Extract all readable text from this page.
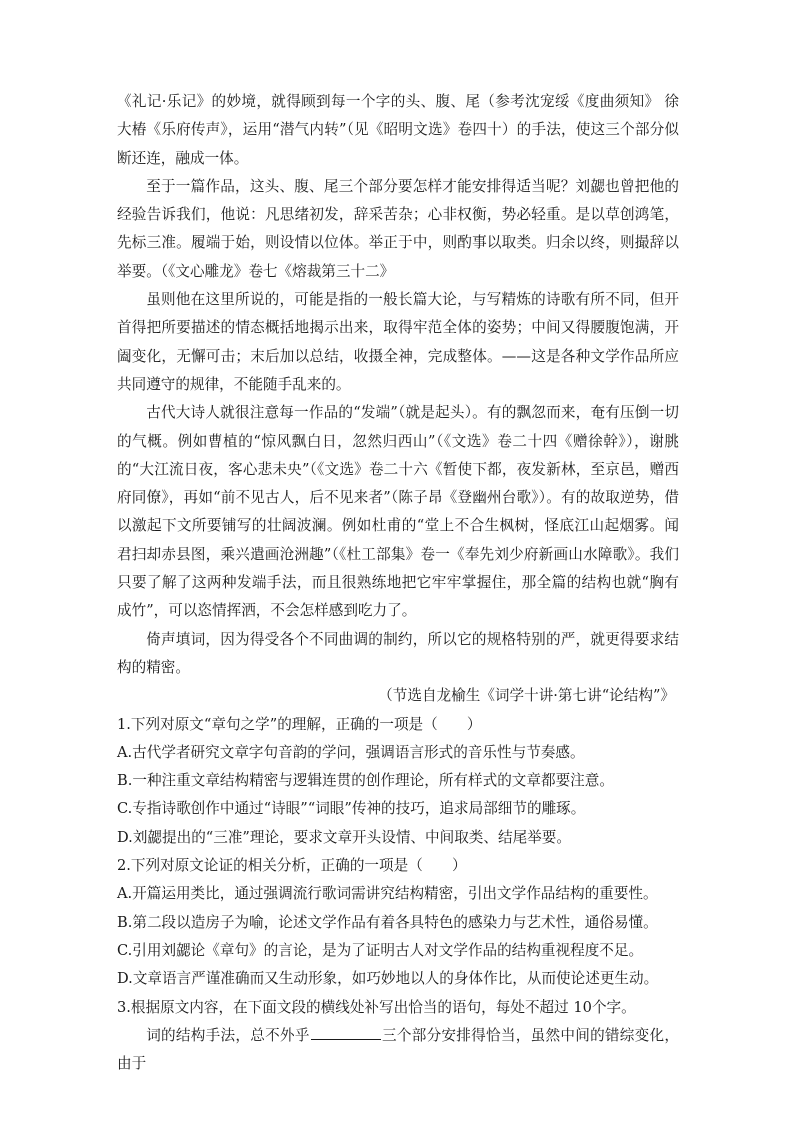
《礼记·乐记》的妙境，就得顾到每一个字的头、腹、尾（参考沈宠绥《度曲须知》 徐大椿《乐府传声》，运用“潜气内转”（见《昭明文选》卷四十）的手法，使这三个部分似断还连，融成一体。

至于一篇作品，这头、腹、尾三个部分要怎样才能安排得适当呢？刘勰也曾把他的经验告诉我们，他说：凡思绪初发，辞采苦杂；心非权衡，势必轻重。是以草创鸿笔，先标三准。履端于始，则设情以位体。举正于中，则酌事以取类。归余以终，则撮辞以举要。（《文心雕龙》卷七《熔裁第三十二》

虽则他在这里所说的，可能是指的一般长篇大论，与写精炼的诗歌有所不同，但开首得把所要描述的情态概括地揭示出来，取得牢范全体的姿势；中间又得腰腹饱满，开阖变化，无懈可击；末后加以总结，收摄全神，完成整体。——这是各种文学作品所应共同遵守的规律，不能随手乱来的。

古代大诗人就很注意每一作品的“发端”（就是起头）。有的飘忽而来，奄有压倒一切的气概。例如曹植的“惊风飘白日，忽然归西山”（《文选》卷二十四《赠徐幹》），谢朓的“大江流日夜，客心悲未央”（《文选》卷二十六《暂使下都，夜发新林，至京邑，赠西府同僚》，再如“前不见古人，后不见来者”（陈子昂《登幽州台歌》）。有的故取逆势，借以激起下文所要铺写的壮阔波澜。例如杜甫的“堂上不合生枫树，怪底江山起烟雾。闻君扫却赤县图，乘兴遣画沧洲趣”（《杜工部集》卷一《奉先刘少府新画山水障歌》。我们只要了解了这两种发端手法，而且很熟练地把它牢牢掌握住，那全篇的结构也就“胸有成竹”，可以恣情挥洒，不会怎样感到吃力了。

倚声填词，因为得受各个不同曲调的制约，所以它的规格特别的严，就更得要求结构的精密。

（节选自龙榆生《词学十讲·第七讲“论结构”》

1.下列对原文“章句之学”的理解，正确的一项是（　　）

A.古代学者研究文章字句音韵的学问，强调语言形式的音乐性与节奏感。

B.一种注重文章结构精密与逻辑连贯的创作理论，所有样式的文章都要注意。

C.专指诗歌创作中通过“诗眼”“词眼”传神的技巧，追求局部细节的雕琢。

D.刘勰提出的“三准”理论，要求文章开头设情、中间取类、结尾举要。

2.下列对原文论证的相关分析，正确的一项是（　　）

A.开篇运用类比，通过强调流行歌词需讲究结构精密，引出文学作品结构的重要性。

B.第二段以造房子为喻，论述文学作品有着各具特色的感染力与艺术性，通俗易懂。

C.引用刘勰论《章句》的言论，是为了证明古人对文学作品的结构重视程度不足。

D.文章语言严谨准确而又生动形象，如巧妙地以人的身体作比，从而使论述更生动。

3.根据原文内容，在下面文段的横线处补写出恰当的语句，每处不超过 10个字。

词的结构手法，总不外乎	三个部分安排得恰当，虽然中间的错综变化，由于
